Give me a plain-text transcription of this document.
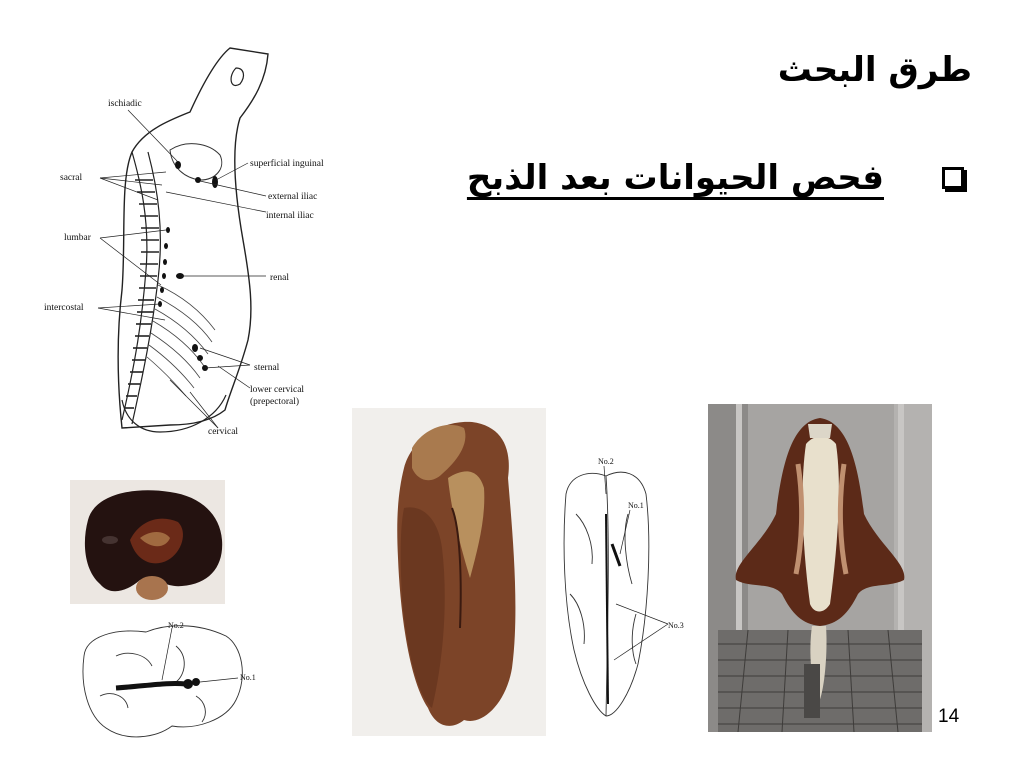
طرق البحث
فحص الحيوانات بعد الذبح
ischiadic
superficial inguinal
sacral
external iliac
internal iliac
lumbar
renal
intercostal
sternal
lower cervical
(prepectoral)
cervical
No.2
No.1
No.2
No.1
No.3
14
